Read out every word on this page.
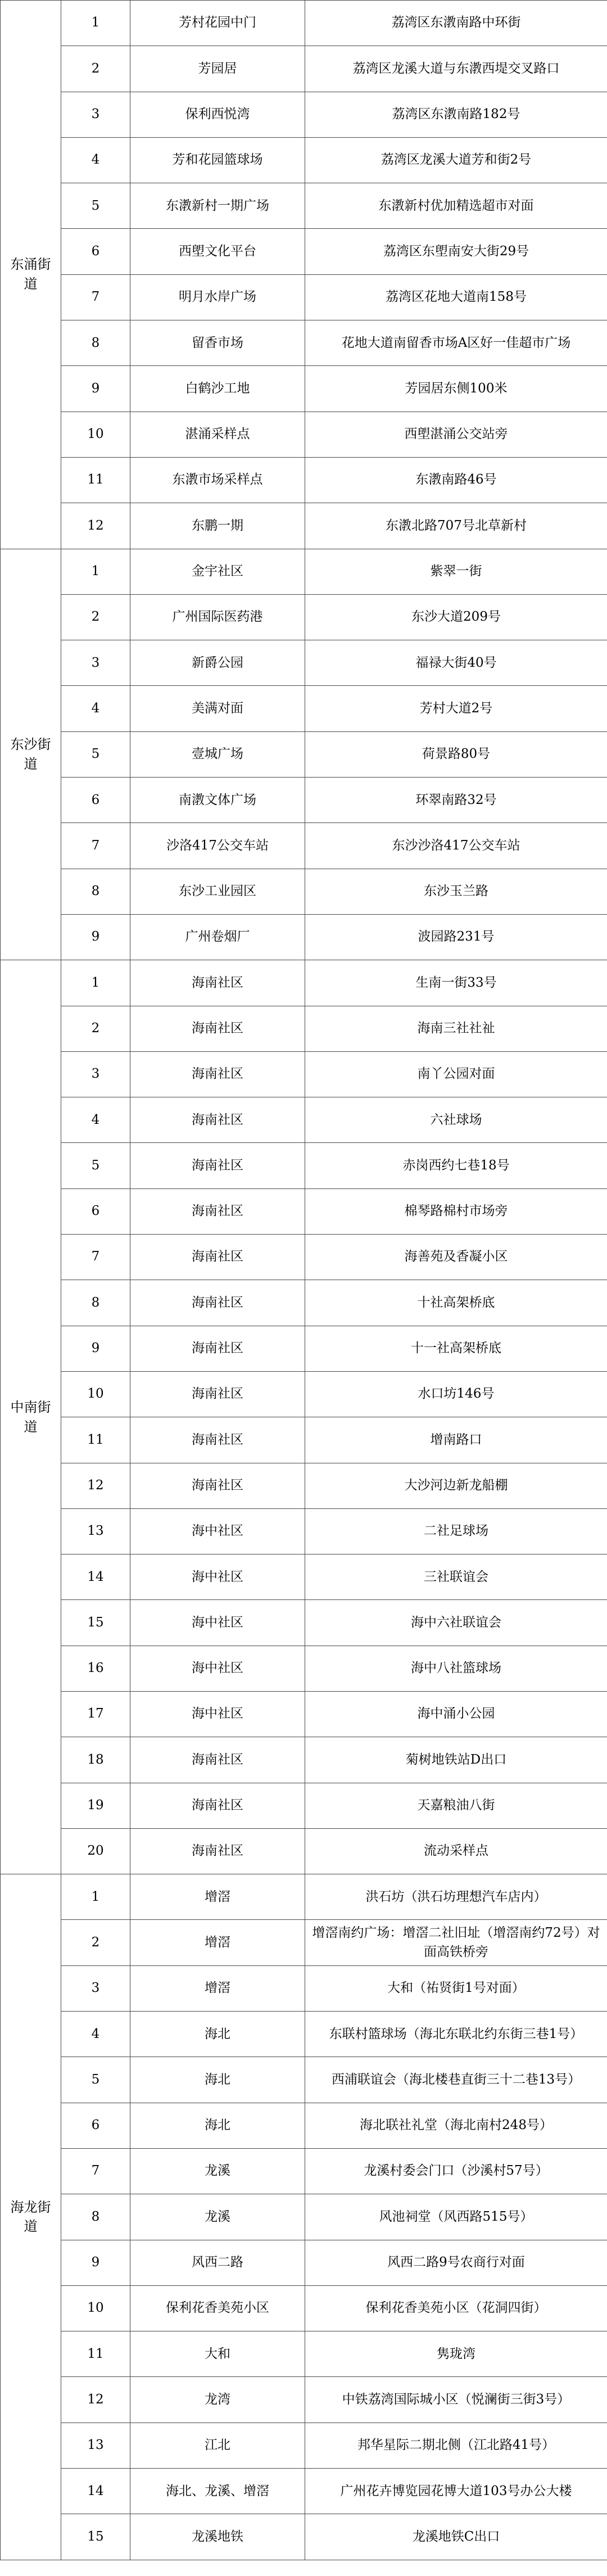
东涌街道	1	芳村花园中门	荔湾区东漖南路中环街
	2	芳园居	荔湾区龙溪大道与东漖西堤交叉路口
	3	保利西悦湾	荔湾区东漖南路182号
	4	芳和花园篮球场	荔湾区龙溪大道芳和街2号
	5	东漖新村一期广场	东漖新村优加精选超市对面
	6	西塱文化平台	荔湾区东塱南安大街29号
	7	明月水岸广场	荔湾区花地大道南158号
	8	留香市场	花地大道南留香市场A区好一佳超市广场
	9	白鹤沙工地	芳园居东侧100米
	10	湛涌采样点	西塱湛涌公交站旁
	11	东漖市场采样点	东漖南路46号
	12	东鹏一期	东漖北路707号北草新村
东沙街道	1	金宇社区	紫翠一街
	2	广州国际医药港	东沙大道209号
	3	新爵公园	福禄大街40号
	4	美满对面	芳村大道2号
	5	壹城广场	荷景路80号
	6	南漖文体广场	环翠南路32号
	7	沙洛417公交车站	东沙沙洛417公交车站
	8	东沙工业园区	东沙玉兰路
	9	广州卷烟厂	波园路231号
中南街道	1	海南社区	生南一街33号
	2	海南社区	海南三社社祉
	3	海南社区	南丫公园对面
	4	海南社区	六社球场
	5	海南社区	赤岗西约七巷18号
	6	海南社区	棉琴路棉村市场旁
	7	海南社区	海善苑及香凝小区
	8	海南社区	十社高架桥底
	9	海南社区	十一社高架桥底
	10	海南社区	水口坊146号
	11	海南社区	增南路口
	12	海南社区	大沙河边新龙船棚
	13	海中社区	二社足球场
	14	海中社区	三社联谊会
	15	海中社区	海中六社联谊会
	16	海中社区	海中八社篮球场
	17	海中社区	海中涌小公园
	18	海南社区	菊树地铁站D出口
	19	海南社区	天嘉粮油八街
	20	海南社区	流动采样点
海龙街道	1	增滘	洪石坊（洪石坊理想汽车店内）
	2	增滘	增滘南约广场：增滘二社旧址（增滘南约72号）对面高铁桥旁
	3	增滘	大和（祐贤街1号对面）
	4	海北	东联村篮球场（海北东联北约东街三巷1号）
	5	海北	西浦联谊会（海北楼巷直街三十二巷13号）
	6	海北	海北联社礼堂（海北南村248号）
	7	龙溪	龙溪村委会门口（沙溪村57号）
	8	龙溪	风池祠堂（风西路515号）
	9	风西二路	风西二路9号农商行对面
	10	保利花香美苑小区	保利花香美苑小区（花洞四街）
	11	大和	隽珑湾
	12	龙湾	中铁荔湾国际城小区（悦澜街三街3号）
	13	江北	邦华星际二期北侧（江北路41号）
	14	海北、龙溪、增滘	广州花卉博览园花博大道103号办公大楼
	15	龙溪地铁	龙溪地铁C出口
